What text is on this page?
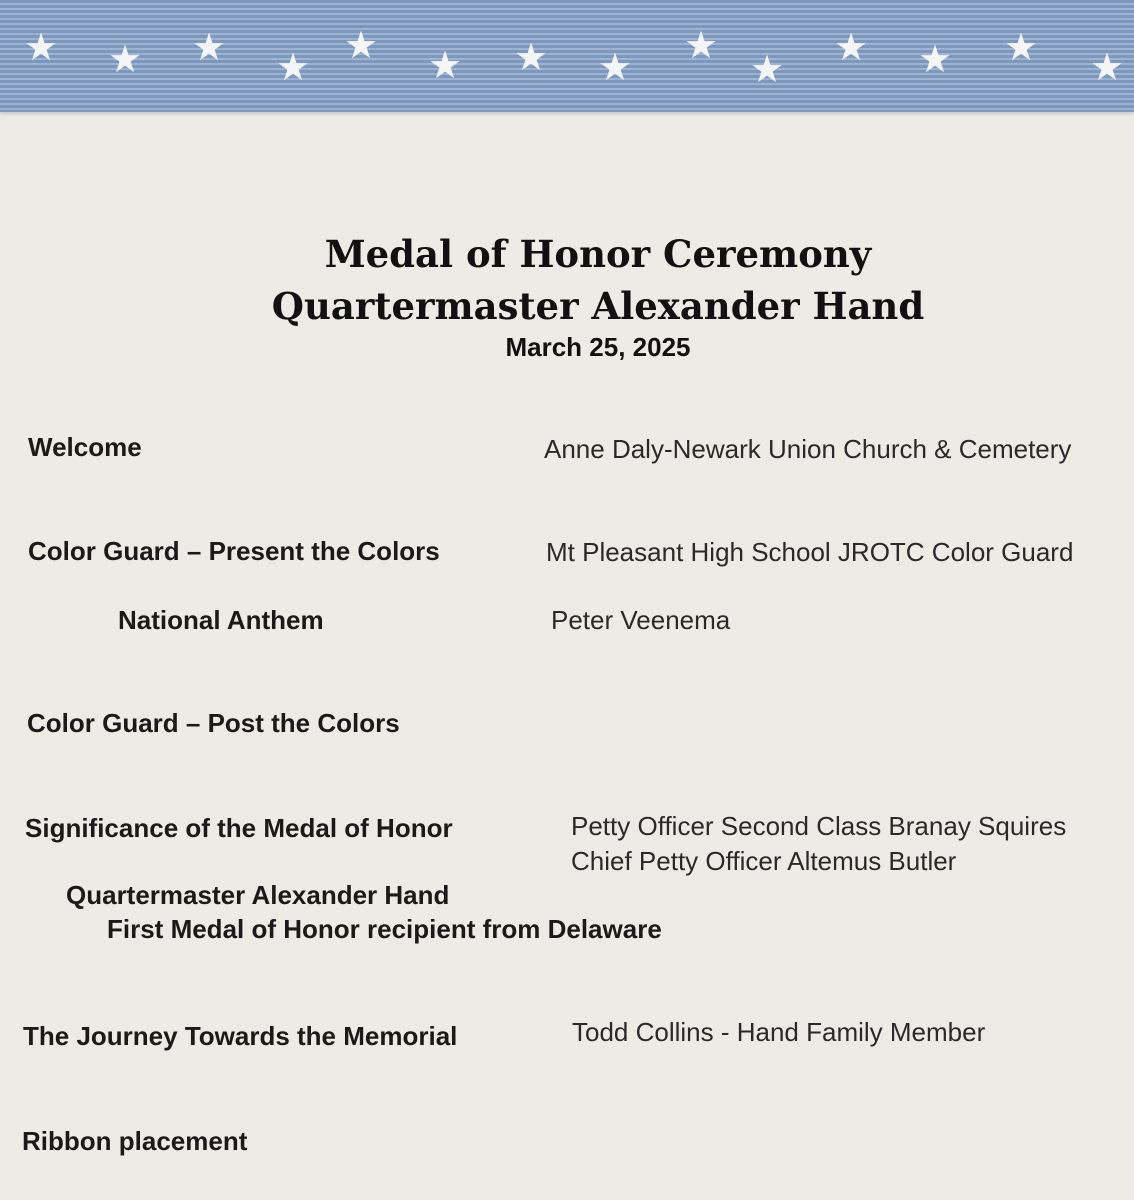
★ ★ ★ ★ ★ ★ ★ ★ ★
★ ★ ★ ★ ★
Medal of Honor Ceremony
Quartermaster Alexander Hand
March 25, 2025
Welcome	Anne Daly-Newark Union Church & Cemetery
Color Guard – Present the Colors	Mt Pleasant High School JROTC Color Guard
National Anthem	Peter Veenema
Color Guard – Post the Colors
Significance of the Medal of Honor	Petty Officer Second Class Branay Squires
Chief Petty Officer Altemus Butler
Quartermaster Alexander Hand
First Medal of Honor recipient from Delaware
The Journey Towards the Memorial	Todd Collins - Hand Family Member
Ribbon placement
